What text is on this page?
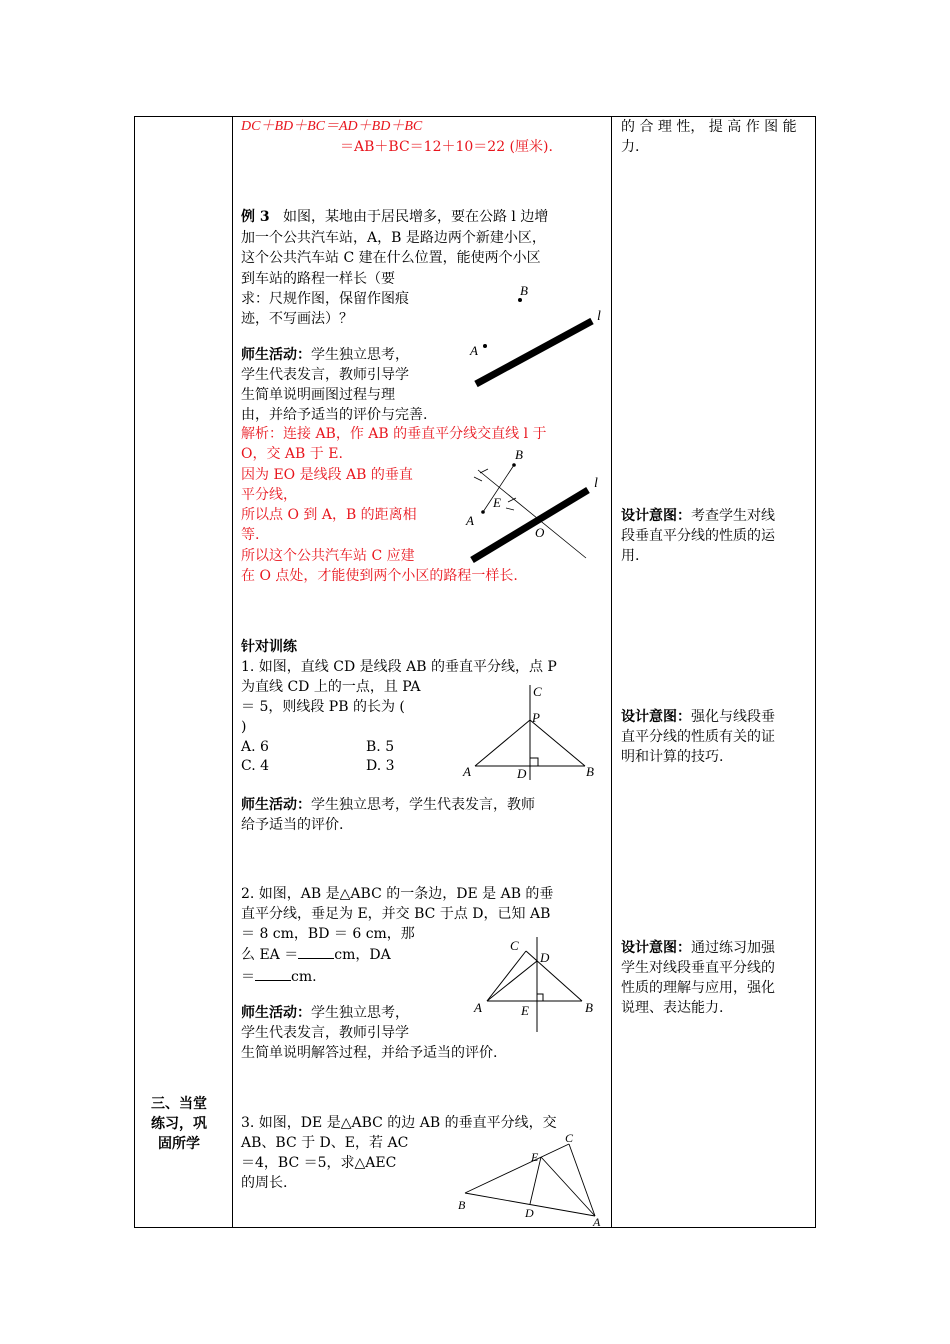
三、当堂
练习，巩
固所学
DC＋BD＋BC＝AD＋BD＋BC
＝AB＋BC＝12＋10＝22 (厘米).
例 3 如图，某地由于居民增多，要在公路 l 边增
加一个公共汽车站，A，B 是路边两个新建小区，
这个公共汽车站 C 建在什么位置，能使两个小区
到车站的路程一样长（要
求：尺规作图，保留作图痕
迹，不写画法）？
师生活动：学生独立思考，
学生代表发言，教师引导学
生简单说明画图过程与理
由，并给予适当的评价与完善.
解析：连接 AB，作 AB 的垂直平分线交直线 l 于
O，交 AB 于 E.
因为 EO 是线段 AB 的垂直
平分线，
所以点 O 到 A，B 的距离相
等.
所以这个公共汽车站 C 应建
在 O 点处，才能使到两个小区的路程一样长.
针对训练
1. 如图，直线 CD 是线段 AB 的垂直平分线，点 P
为直线 CD 上的一点，且 PA
＝ 5，则线段 PB 的长为 (
)
A. 6	B. 5
C. 4	D. 3
师生活动：学生独立思考，学生代表发言，教师
给予适当的评价.
2. 如图，AB 是△ABC 的一条边，DE 是 AB 的垂
直平分线，垂足为 E，并交 BC 于点 D，已知 AB
＝ 8 cm，BD ＝ 6 cm，那
么 EA ＝	cm，DA
＝	cm.
师生活动：学生独立思考，
学生代表发言，教师引导学
生简单说明解答过程，并给予适当的评价.
3. 如图，DE 是△ABC 的边 AB 的垂直平分线，交
AB、BC 于 D、E，若 AC
＝4，BC ＝5，求△AEC
的周长.
的 合 理 性， 提 高 作 图 能
力.
设计意图：考查学生对线
段垂直平分线的性质的运
用.
设计意图：强化与线段垂
直平分线的性质有关的证
明和计算的技巧.
设计意图：通过练习加强
学生对线段垂直平分线的
性质的理解与应用，强化
说理、表达能力.
A
B
l
A
B
E
O
l
C
P
A	D	B
C
D
A	E	B
C
E
B
D
A
